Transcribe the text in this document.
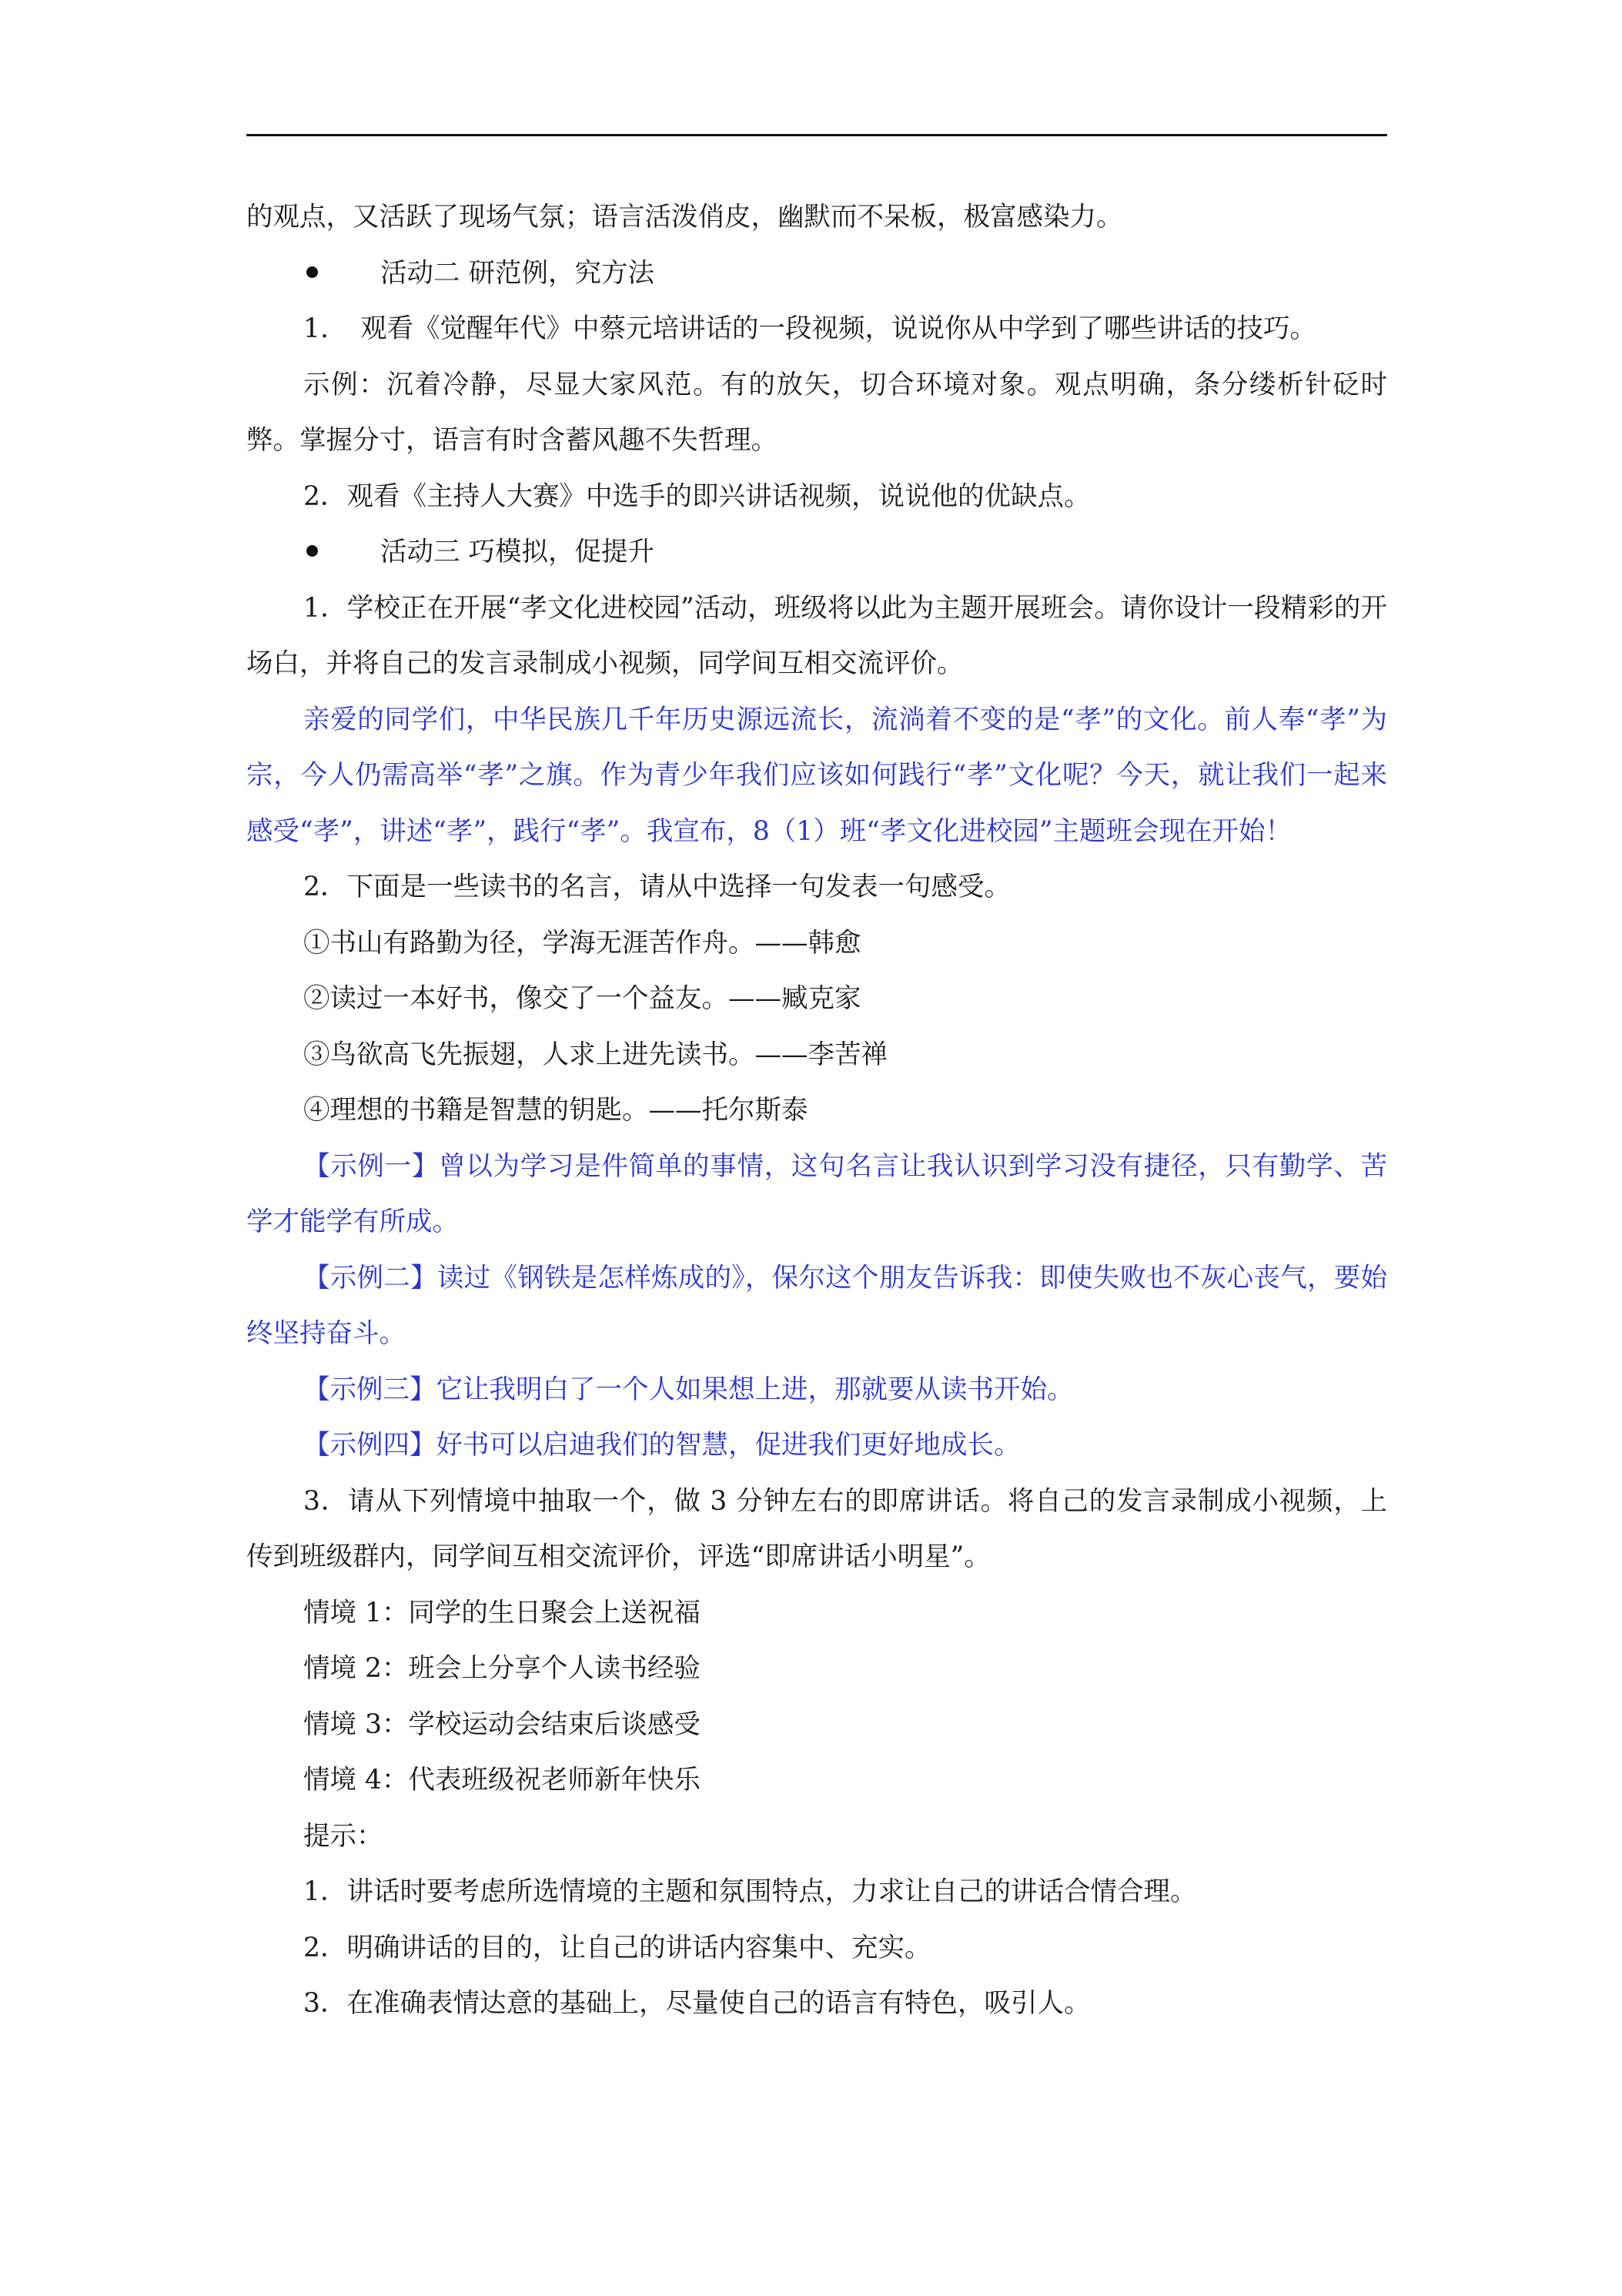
的观点，又活跃了现场气氛；语言活泼俏皮，幽默而不呆板，极富感染力。

活动二 研范例，究方法

1. 观看《觉醒年代》中蔡元培讲话的一段视频，说说你从中学到了哪些讲话的技巧。

示例：沉着冷静，尽显大家风范。有的放矢，切合环境对象。观点明确，条分缕析针砭时弊。掌握分寸，语言有时含蓄风趣不失哲理。

2．观看《主持人大赛》中选手的即兴讲话视频，说说他的优缺点。

活动三 巧模拟，促提升

1．学校正在开展“孝文化进校园”活动，班级将以此为主题开展班会。请你设计一段精彩的开场白，并将自己的发言录制成小视频，同学间互相交流评价。

亲爱的同学们，中华民族几千年历史源远流长，流淌着不变的是“孝”的文化。前人奉“孝”为宗，今人仍需高举“孝”之旗。作为青少年我们应该如何践行“孝”文化呢？今天，就让我们一起来感受“孝”，讲述“孝”，践行“孝”。我宣布，8（1）班“孝文化进校园”主题班会现在开始！

2．下面是一些读书的名言，请从中选择一句发表一句感受。

①书山有路勤为径，学海无涯苦作舟。——韩愈

②读过一本好书，像交了一个益友。——臧克家

③鸟欲高飞先振翅，人求上进先读书。——李苦禅

④理想的书籍是智慧的钥匙。——托尔斯泰

【示例一】曾以为学习是件简单的事情，这句名言让我认识到学习没有捷径，只有勤学、苦学才能学有所成。

【示例二】读过《钢铁是怎样炼成的》，保尔这个朋友告诉我：即使失败也不灰心丧气，要始终坚持奋斗。

【示例三】它让我明白了一个人如果想上进，那就要从读书开始。

【示例四】好书可以启迪我们的智慧，促进我们更好地成长。

3．请从下列情境中抽取一个，做 3 分钟左右的即席讲话。将自己的发言录制成小视频，上传到班级群内，同学间互相交流评价，评选“即席讲话小明星”。

情境 1：同学的生日聚会上送祝福

情境 2：班会上分享个人读书经验

情境 3：学校运动会结束后谈感受

情境 4：代表班级祝老师新年快乐

提示：

1．讲话时要考虑所选情境的主题和氛围特点，力求让自己的讲话合情合理。

2．明确讲话的目的，让自己的讲话内容集中、充实。

3．在准确表情达意的基础上，尽量使自己的语言有特色，吸引人。
